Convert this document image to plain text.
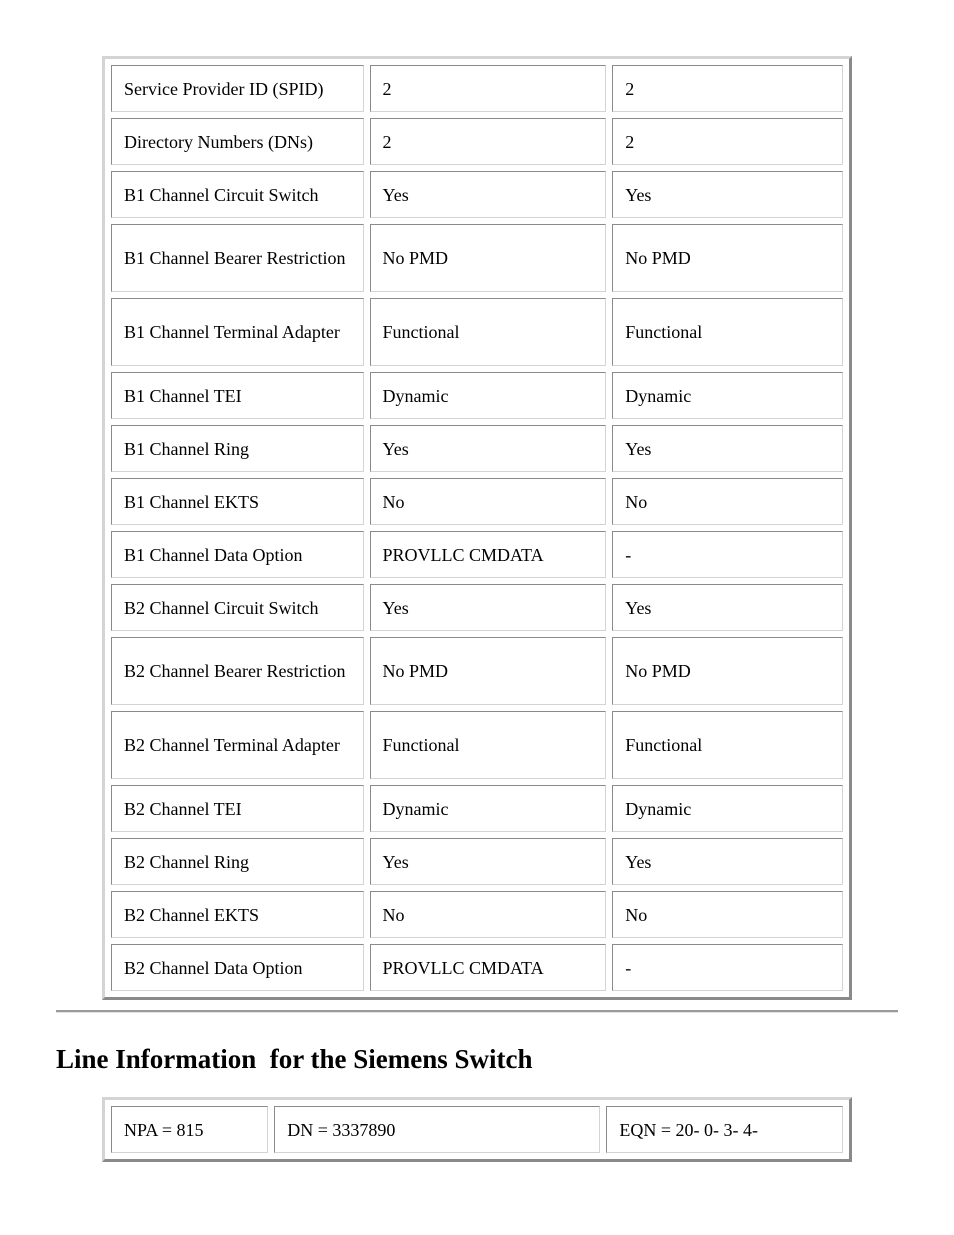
Service Provider ID (SPID)	2	2
Directory Numbers (DNs)	2	2
B1 Channel Circuit Switch	Yes	Yes
B1 Channel Bearer Restriction	No PMD	No PMD
B1 Channel Terminal Adapter	Functional	Functional
B1 Channel TEI	Dynamic	Dynamic
B1 Channel Ring	Yes	Yes
B1 Channel EKTS	No	No
B1 Channel Data Option	PROVLLC CMDATA	-
B2 Channel Circuit Switch	Yes	Yes
B2 Channel Bearer Restriction	No PMD	No PMD
B2 Channel Terminal Adapter	Functional	Functional
B2 Channel TEI	Dynamic	Dynamic
B2 Channel Ring	Yes	Yes
B2 Channel EKTS	No	No
B2 Channel Data Option	PROVLLC CMDATA	-
Line Information  for the Siemens Switch
NPA = 815	DN = 3337890	EQN = 20- 0- 3- 4-
